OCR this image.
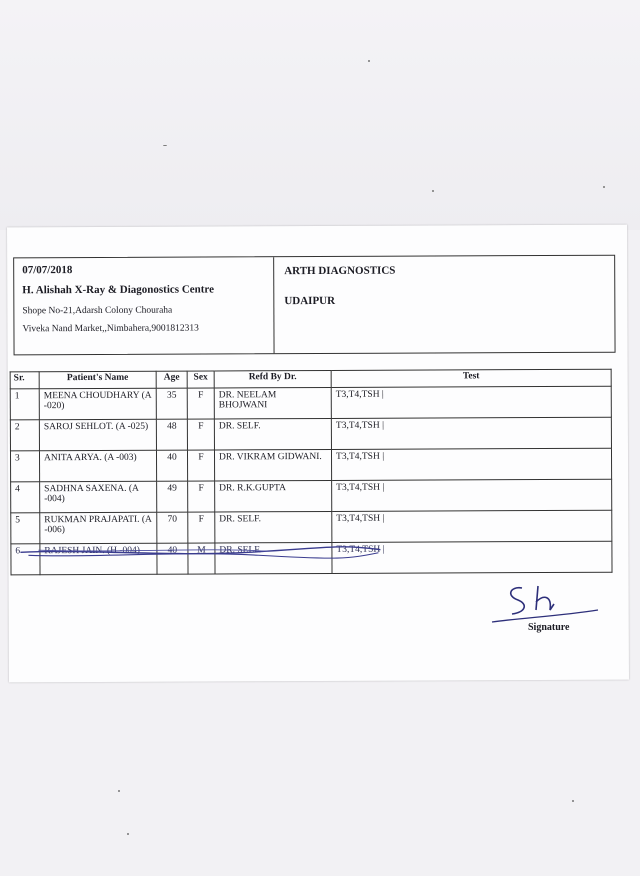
07/07/2018
H. Alishah X-Ray & Diagonostics Centre
Shope No-21,Adarsh Colony Chouraha
Viveka Nand Market,,Nimbahera,9001812313
ARTH DIAGNOSTICS
UDAIPUR
Sr.	Patient's Name	Age	Sex	Refd By Dr.	Test
1	MEENA CHOUDHARY (A -020)	35	F	DR. NEELAM BHOJWANI	T3,T4,TSH |
2	SAROJ SEHLOT. (A -025)	48	F	DR. SELF.	T3,T4,TSH |
3	ANITA ARYA. (A -003)	40	F	DR. VIKRAM GIDWANI.	T3,T4,TSH |
4	SADHNA SAXENA. (A -004)	49	F	DR. R.K.GUPTA	T3,T4,TSH |
5	RUKMAN PRAJAPATI. (A -006)	70	F	DR. SELF.	T3,T4,TSH |
6	RAJESH JAIN. (H -004)	40	M	DR. SELF.	T3,T4,TSH |
Signature
